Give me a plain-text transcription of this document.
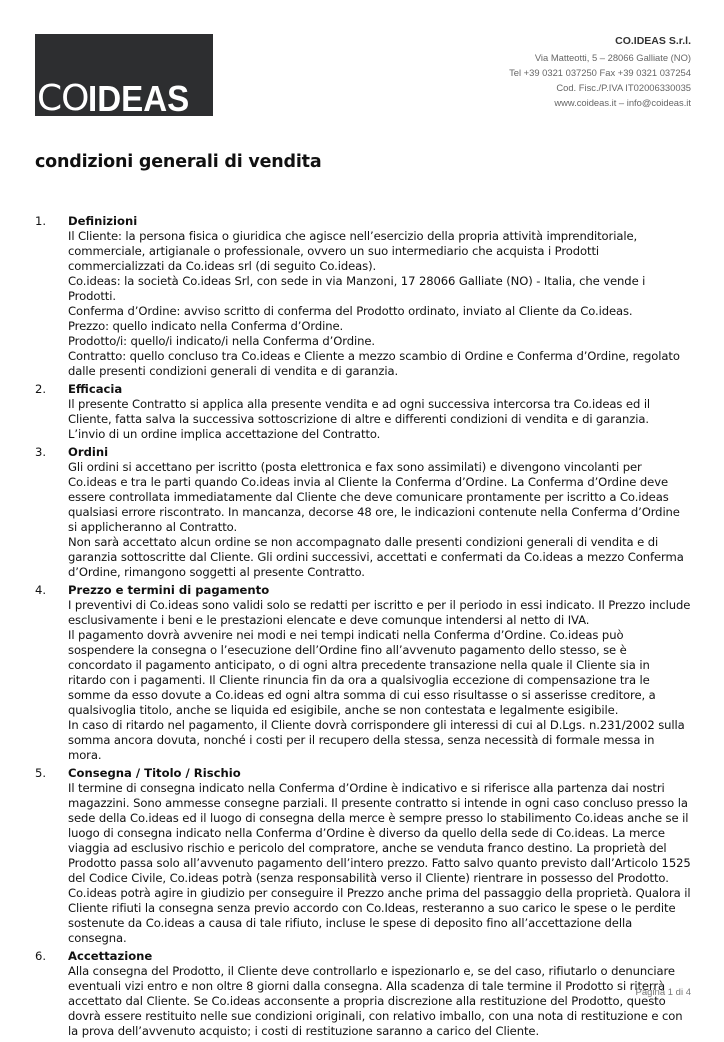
CO IDEAS
CO.IDEAS S.r.l.
Via Matteotti, 5 – 28066 Galliate (NO)
Tel +39 0321 037250 Fax +39 0321 037254
Cod. Fisc./P.IVA IT02006330035
www.coideas.it – info@coideas.it
condizioni generali di vendita
1. Definizioni

Il Cliente: la persona fisica o giuridica che agisce nell’esercizio della propria attività imprenditoriale, commerciale, artigianale o professionale, ovvero un suo intermediario che acquista i Prodotti commercializzati da Co.ideas srl (di seguito Co.ideas).

Co.ideas: la società Co.ideas Srl, con sede in via Manzoni, 17 28066 Galliate (NO) - Italia, che vende i Prodotti.

Conferma d’Ordine: avviso scritto di conferma del Prodotto ordinato, inviato al Cliente da Co.ideas.

Prezzo: quello indicato nella Conferma d’Ordine.

Prodotto/i: quello/i indicato/i nella Conferma d’Ordine.

Contratto: quello concluso tra Co.ideas e Cliente a mezzo scambio di Ordine e Conferma d’Ordine, regolato dalle presenti condizioni generali di vendita e di garanzia.

2. Efficacia

Il presente Contratto si applica alla presente vendita e ad ogni successiva intercorsa tra Co.ideas ed il Cliente, fatta salva la successiva sottoscrizione di altre e differenti condizioni di vendita e di garanzia.

L’invio di un ordine implica accettazione del Contratto.

3. Ordini

Gli ordini si accettano per iscritto (posta elettronica e fax sono assimilati) e divengono vincolanti per Co.ideas e tra le parti quando Co.ideas invia al Cliente la Conferma d’Ordine. La Conferma d’Ordine deve essere controllata immediatamente dal Cliente che deve comunicare prontamente per iscritto a Co.ideas qualsiasi errore riscontrato. In mancanza, decorse 48 ore, le indicazioni contenute nella Conferma d’Ordine si applicheranno al Contratto.

Non sarà accettato alcun ordine se non accompagnato dalle presenti condizioni generali di vendita e di garanzia sottoscritte dal Cliente. Gli ordini successivi, accettati e confermati da Co.ideas a mezzo Conferma d’Ordine, rimangono soggetti al presente Contratto.

4. Prezzo e termini di pagamento

I preventivi di Co.ideas sono validi solo se redatti per iscritto e per il periodo in essi indicato. Il Prezzo include esclusivamente i beni e le prestazioni elencate e deve comunque intendersi al netto di IVA.

Il pagamento dovrà avvenire nei modi e nei tempi indicati nella Conferma d’Ordine. Co.ideas può sospendere la consegna o l’esecuzione dell’Ordine fino all’avvenuto pagamento dello stesso, se è concordato il pagamento anticipato, o di ogni altra precedente transazione nella quale il Cliente sia in ritardo con i pagamenti. Il Cliente rinuncia fin da ora a qualsivoglia eccezione di compensazione tra le somme da esso dovute a Co.ideas ed ogni altra somma di cui esso risultasse o si asserisse creditore, a qualsivoglia titolo, anche se liquida ed esigibile, anche se non contestata e legalmente esigibile.

In caso di ritardo nel pagamento, il Cliente dovrà corrispondere gli interessi di cui al D.Lgs. n.231/2002 sulla somma ancora dovuta, nonché i costi per il recupero della stessa, senza necessità di formale messa in mora.

5. Consegna / Titolo / Rischio

Il termine di consegna indicato nella Conferma d’Ordine è indicativo e si riferisce alla partenza dai nostri magazzini. Sono ammesse consegne parziali. Il presente contratto si intende in ogni caso concluso presso la sede della Co.ideas ed il luogo di consegna della merce è sempre presso lo stabilimento Co.ideas anche se il luogo di consegna indicato nella Conferma d’Ordine è diverso da quello della sede di Co.ideas. La merce viaggia ad esclusivo rischio e pericolo del compratore, anche se venduta franco destino. La proprietà del Prodotto passa solo all’avvenuto pagamento dell’intero prezzo. Fatto salvo quanto previsto dall’Articolo 1525 del Codice Civile, Co.ideas potrà (senza responsabilità verso il Cliente) rientrare in possesso del Prodotto. Co.ideas potrà agire in giudizio per conseguire il Prezzo anche prima del passaggio della proprietà. Qualora il Cliente rifiuti la consegna senza previo accordo con Co.Ideas, resteranno a suo carico le spese o le perdite sostenute da Co.ideas a causa di tale rifiuto, incluse le spese di deposito fino all’accettazione della consegna.

6. Accettazione

Alla consegna del Prodotto, il Cliente deve controllarlo e ispezionarlo e, se del caso, rifiutarlo o denunciare eventuali vizi entro e non oltre 8 giorni dalla consegna. Alla scadenza di tale termine il Prodotto si riterrà accettato dal Cliente. Se Co.ideas acconsente a propria discrezione alla restituzione del Prodotto, questo dovrà essere restituito nelle sue condizioni originali, con relativo imballo, con una nota di restituzione e con la prova dell’avvenuto acquisto; i costi di restituzione saranno a carico del Cliente.

Pagina 1 di 4
